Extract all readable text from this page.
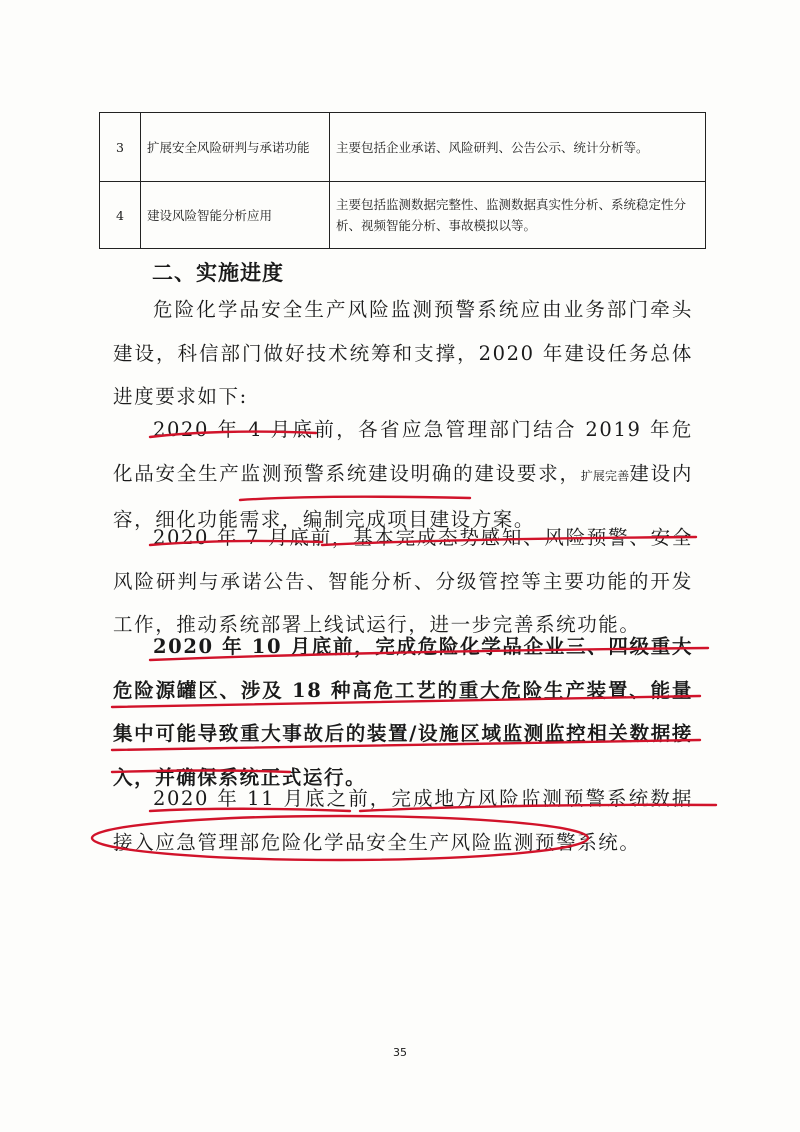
3	扩展安全风险研判与承诺功能	主要包括企业承诺、风险研判、公告公示、统计分析等。
4	建设风险智能分析应用	主要包括监测数据完整性、监测数据真实性分析、系统稳定性分析、视频智能分析、事故模拟以等。
二、实施进度

危险化学品安全生产风险监测预警系统应由业务部门牵头建设，科信部门做好技术统筹和支撑，2020 年建设任务总体进度要求如下:

2020 年 4 月底前，各省应急管理部门结合 2019 年危化品安全生产监测预警系统建设明确的建设要求，扩展完善建设内容，细化功能需求，编制完成项目建设方案。

2020 年 7 月底前，基本完成态势感知、风险预警、安全风险研判与承诺公告、智能分析、分级管控等主要功能的开发工作，推动系统部署上线试运行，进一步完善系统功能。

2020 年 10 月底前，完成危险化学品企业三、四级重大危险源罐区、涉及 18 种高危工艺的重大危险生产装置、能量集中可能导致重大事故后的装置/设施区域监测监控相关数据接入，并确保系统正式运行。

2020 年 11 月底之前，完成地方风险监测预警系统数据接入应急管理部危险化学品安全生产风险监测预警系统。

35
